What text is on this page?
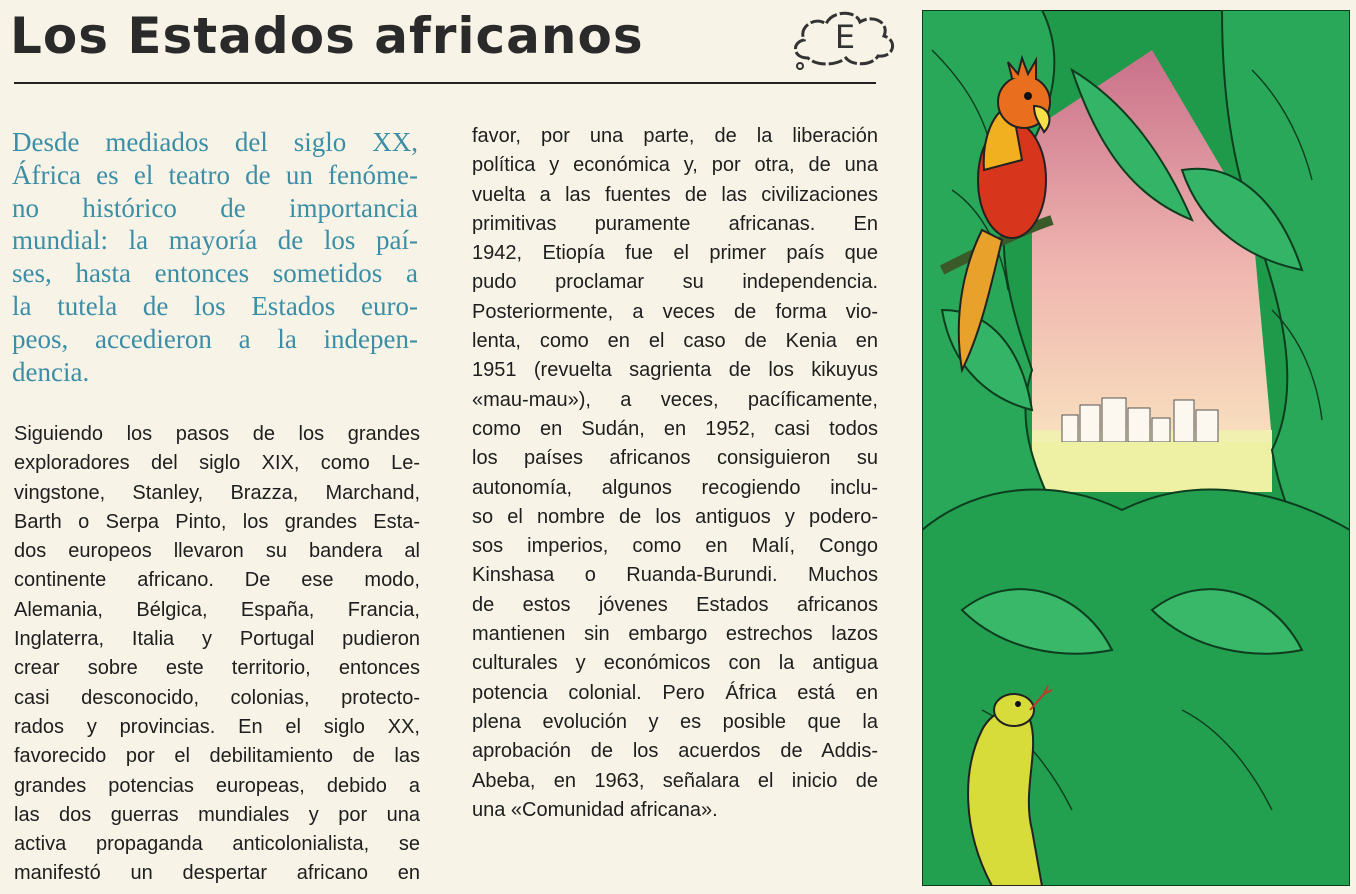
Los Estados africanos	E

Desde mediados del siglo XX,

África es el teatro de un fenóme-

no histórico de importancia

mundial: la mayoría de los paí-

ses, hasta entonces sometidos a

la tutela de los Estados euro-

peos, accedieron a la indepen-

dencia.

Siguiendo los pasos de los grandes

exploradores del siglo XIX, como Le-

vingstone, Stanley, Brazza, Marchand,

Barth o Serpa Pinto, los grandes Esta-

dos europeos llevaron su bandera al

continente africano. De ese modo,

Alemania, Bélgica, España, Francia,

Inglaterra, Italia y Portugal pudieron

crear sobre este territorio, entonces

casi desconocido, colonias, protecto-

rados y provincias. En el siglo XX,

favorecido por el debilitamiento de las

grandes potencias europeas, debido a

las dos guerras mundiales y por una

activa propaganda anticolonialista, se

manifestó un despertar africano en

favor, por una parte, de la liberación

política y económica y, por otra, de una

vuelta a las fuentes de las civilizaciones

primitivas puramente africanas. En

1942, Etiopía fue el primer país que

pudo proclamar su independencia.

Posteriormente, a veces de forma vio-

lenta, como en el caso de Kenia en

1951 (revuelta sagrienta de los kikuyus

«mau-mau»), a veces, pacíficamente,

como en Sudán, en 1952, casi todos

los países africanos consiguieron su

autonomía, algunos recogiendo inclu-

so el nombre de los antiguos y podero-

sos imperios, como en Malí, Congo

Kinshasa o Ruanda-Burundi. Muchos

de estos jóvenes Estados africanos

mantienen sin embargo estrechos lazos

culturales y económicos con la antigua

potencia colonial. Pero África está en

plena evolución y es posible que la

aprobación de los acuerdos de Addis-

Abeba, en 1963, señalara el inicio de

una «Comunidad africana».
